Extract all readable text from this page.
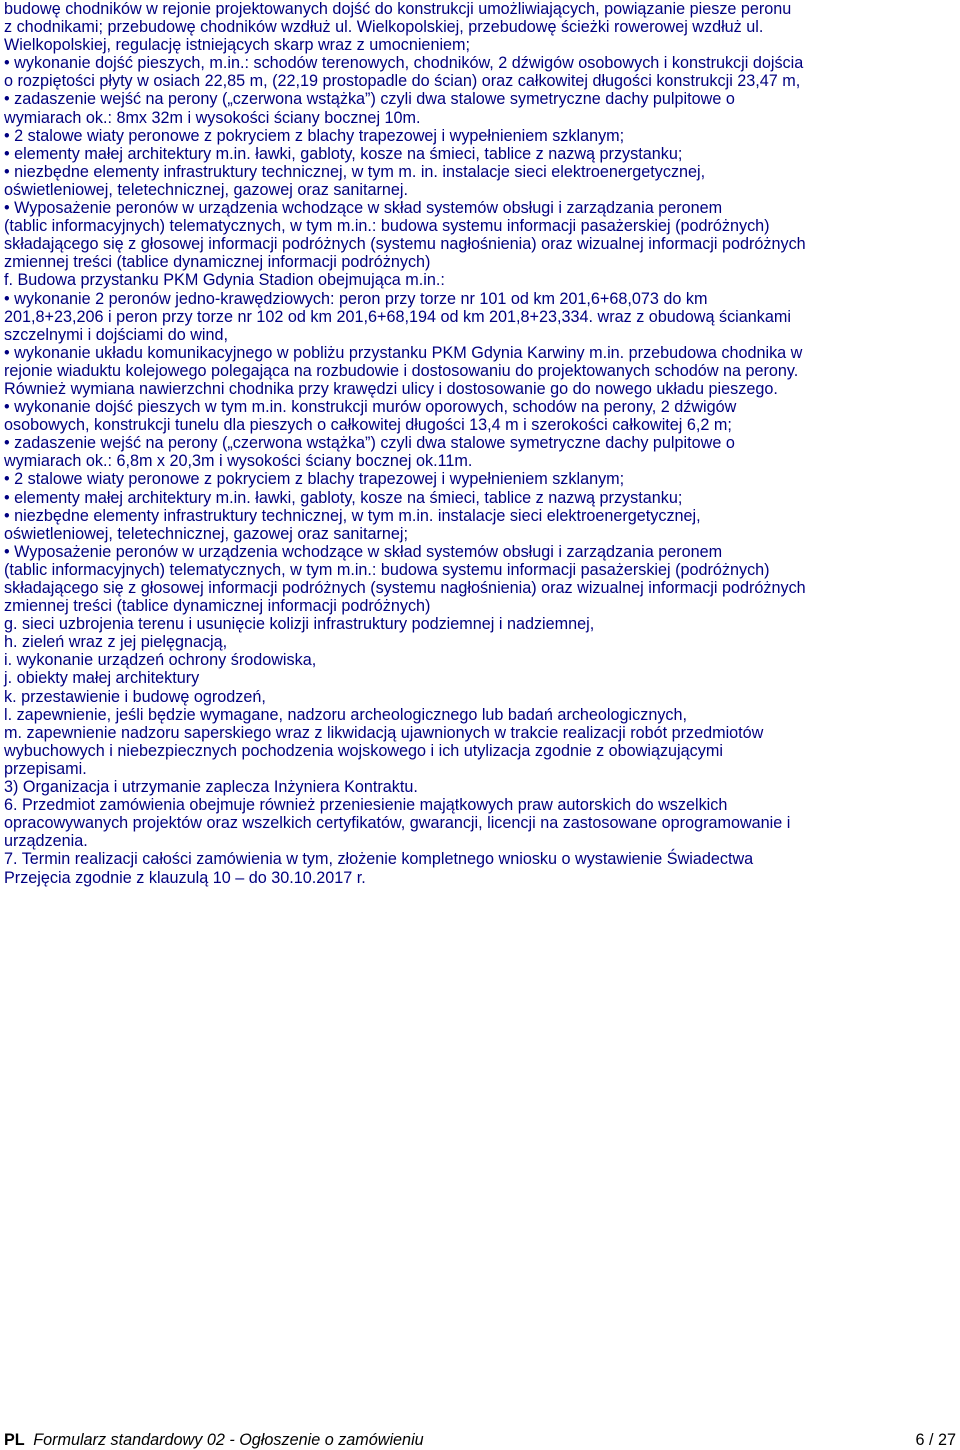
budowę chodników w rejonie projektowanych dojść do konstrukcji umożliwiających, powiązanie piesze peronu
z chodnikami; przebudowę chodników wzdłuż ul. Wielkopolskiej, przebudowę ścieżki rowerowej wzdłuż ul.
Wielkopolskiej, regulację istniejących skarp wraz z umocnieniem;
• wykonanie dojść pieszych, m.in.: schodów terenowych, chodników, 2 dźwigów osobowych i konstrukcji dojścia
o rozpiętości płyty w osiach 22,85 m, (22,19 prostopadle do ścian) oraz całkowitej długości konstrukcji 23,47 m,
• zadaszenie wejść na perony („czerwona wstążka”) czyli dwa stalowe symetryczne dachy pulpitowe o
wymiarach ok.: 8mx 32m i wysokości ściany bocznej 10m.
• 2 stalowe wiaty peronowe z pokryciem z blachy trapezowej i wypełnieniem szklanym;
• elementy małej architektury m.in. ławki, gabloty, kosze na śmieci, tablice z nazwą przystanku;
• niezbędne elementy infrastruktury technicznej, w tym m. in. instalacje sieci elektroenergetycznej,
oświetleniowej, teletechnicznej, gazowej oraz sanitarnej.
• Wyposażenie peronów w urządzenia wchodzące w skład systemów obsługi i zarządzania peronem
(tablic informacyjnych) telematycznych, w tym m.in.: budowa systemu informacji pasażerskiej (podróżnych)
składającego się z głosowej informacji podróżnych (systemu nagłośnienia) oraz wizualnej informacji podróżnych
zmiennej treści (tablice dynamicznej informacji podróżnych)
f. Budowa przystanku PKM Gdynia Stadion obejmująca m.in.:
• wykonanie 2 peronów jedno-krawędziowych: peron przy torze nr 101 od km 201,6+68,073 do km
201,8+23,206 i peron przy torze nr 102 od km 201,6+68,194 od km 201,8+23,334. wraz z obudową ściankami
szczelnymi i dojściami do wind,
• wykonanie układu komunikacyjnego w pobliżu przystanku PKM Gdynia Karwiny m.in. przebudowa chodnika w
rejonie wiaduktu kolejowego polegająca na rozbudowie i dostosowaniu do projektowanych schodów na perony.
Również wymiana nawierzchni chodnika przy krawędzi ulicy i dostosowanie go do nowego układu pieszego.
• wykonanie dojść pieszych w tym m.in. konstrukcji murów oporowych, schodów na perony, 2 dźwigów
osobowych, konstrukcji tunelu dla pieszych o całkowitej długości 13,4 m i szerokości całkowitej 6,2 m;
• zadaszenie wejść na perony („czerwona wstążka”) czyli dwa stalowe symetryczne dachy pulpitowe o
wymiarach ok.: 6,8m x 20,3m i wysokości ściany bocznej ok.11m.
• 2 stalowe wiaty peronowe z pokryciem z blachy trapezowej i wypełnieniem szklanym;
• elementy małej architektury m.in. ławki, gabloty, kosze na śmieci, tablice z nazwą przystanku;
• niezbędne elementy infrastruktury technicznej, w tym m.in. instalacje sieci elektroenergetycznej,
oświetleniowej, teletechnicznej, gazowej oraz sanitarnej;
• Wyposażenie peronów w urządzenia wchodzące w skład systemów obsługi i zarządzania peronem
(tablic informacyjnych) telematycznych, w tym m.in.: budowa systemu informacji pasażerskiej (podróżnych)
składającego się z głosowej informacji podróżnych (systemu nagłośnienia) oraz wizualnej informacji podróżnych
zmiennej treści (tablice dynamicznej informacji podróżnych)
g. sieci uzbrojenia terenu i usunięcie kolizji infrastruktury podziemnej i nadziemnej,
h. zieleń wraz z jej pielęgnacją,
i. wykonanie urządzeń ochrony środowiska,
j. obiekty małej architektury
k. przestawienie i budowę ogrodzeń,
l. zapewnienie, jeśli będzie wymagane, nadzoru archeologicznego lub badań archeologicznych,
m. zapewnienie nadzoru saperskiego wraz z likwidacją ujawnionych w trakcie realizacji robót przedmiotów
wybuchowych i niebezpiecznych pochodzenia wojskowego i ich utylizacja zgodnie z obowiązującymi
przepisami.
3) Organizacja i utrzymanie zaplecza Inżyniera Kontraktu.
6. Przedmiot zamówienia obejmuje również przeniesienie majątkowych praw autorskich do wszelkich
opracowywanych projektów oraz wszelkich certyfikatów, gwarancji, licencji na zastosowane oprogramowanie i
urządzenia.
7. Termin realizacji całości zamówienia w tym, złożenie kompletnego wniosku o wystawienie Świadectwa
Przejęcia zgodnie z klauzulą 10 – do 30.10.2017 r.
PL Formularz standardowy 02 - Ogłoszenie o zamówieniu	6 / 27
